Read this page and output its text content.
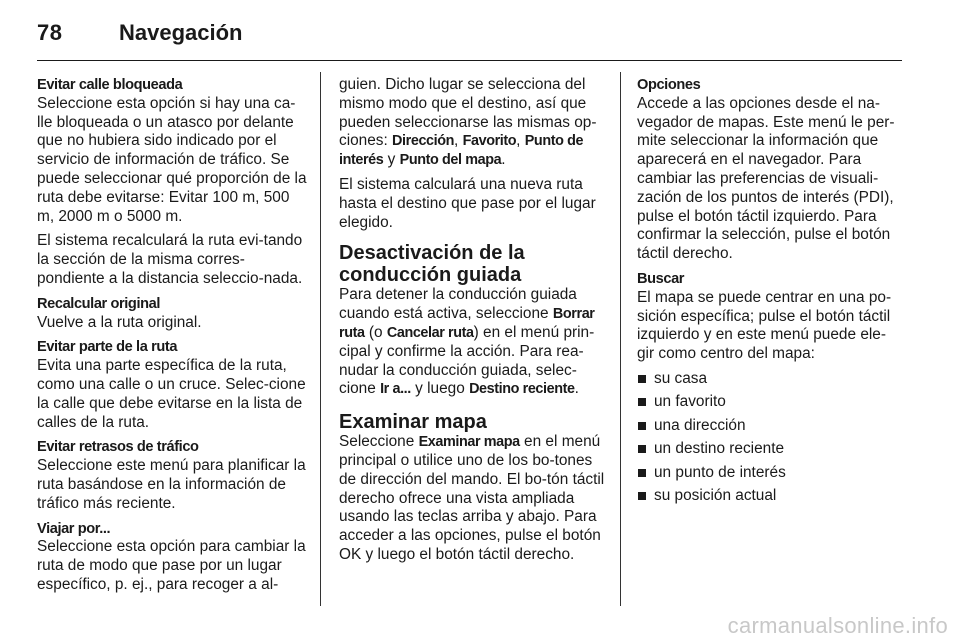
78	Navegación

Evitar calle bloqueada

Seleccione esta opción si hay una ca-lle bloqueada o un atasco por delante que no hubiera sido indicado por el servicio de información de tráfico. Se puede seleccionar qué proporción de la ruta debe evitarse: Evitar 100 m, 500 m, 2000 m o 5000 m.

El sistema recalculará la ruta evi-tando la sección de la misma corres-pondiente a la distancia seleccio-nada.

Recalcular original

Vuelve a la ruta original.

Evitar parte de la ruta

Evita una parte específica de la ruta, como una calle o un cruce. Selec-cione la calle que debe evitarse en la lista de calles de la ruta.

Evitar retrasos de tráfico

Seleccione este menú para planificar la ruta basándose en la información de tráfico más reciente.

Viajar por...

Seleccione esta opción para cambiar la ruta de modo que pase por un lugar específico, p. ej., para recoger a al-

guien. Dicho lugar se selecciona del mismo modo que el destino, así que pueden seleccionarse las mismas op-ciones: Dirección, Favorito, Punto de interés y Punto del mapa.

El sistema calculará una nueva ruta hasta el destino que pase por el lugar elegido.

Desactivación de la conducción guiada

Para detener la conducción guiada cuando está activa, seleccione Borrar ruta (o Cancelar ruta) en el menú prin-cipal y confirme la acción. Para rea-nudar la conducción guiada, selec-cione Ir a... y luego Destino reciente.

Examinar mapa

Seleccione Examinar mapa en el menú principal o utilice uno de los bo-tones de dirección del mando. El bo-tón táctil derecho ofrece una vista ampliada usando las teclas arriba y abajo. Para acceder a las opciones, pulse el botón OK y luego el botón táctil derecho.

Opciones

Accede a las opciones desde el na-vegador de mapas. Este menú le per-mite seleccionar la información que aparecerá en el navegador. Para cambiar las preferencias de visuali-zación de los puntos de interés (PDI), pulse el botón táctil izquierdo. Para confirmar la selección, pulse el botón táctil derecho.

Buscar

El mapa se puede centrar en una po-sición específica; pulse el botón táctil izquierdo y en este menú puede ele-gir como centro del mapa:

su casa
un favorito
una dirección
un destino reciente
un punto de interés
su posición actual
carmanualsonline.info
